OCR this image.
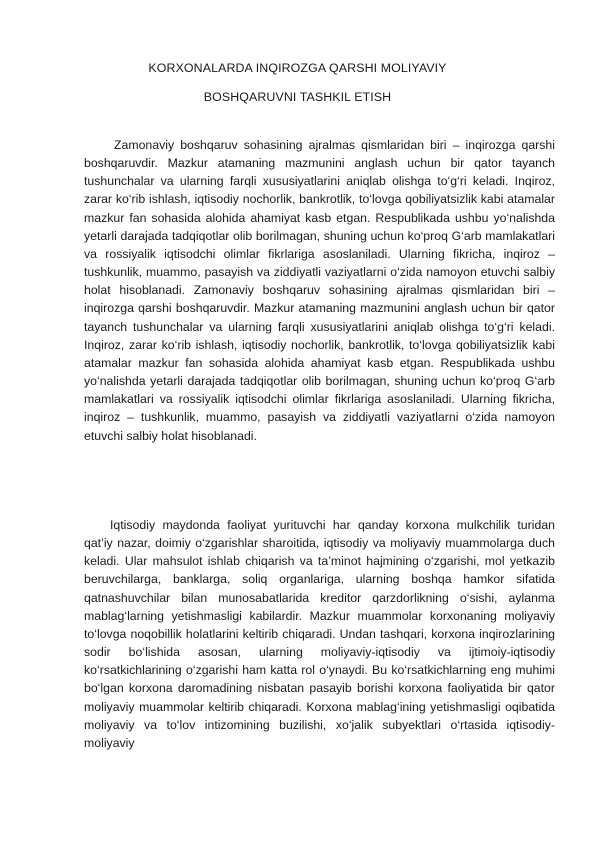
KORXONALARDA INQIROZGA QARSHI MOLIYAVIY
BOSHQARUVNI TASHKIL ETISH

Zamonaviy boshqaruv sohasining ajralmas qismlaridan biri – inqirozga qarshi boshqaruvdir. Mazkur atamaning mazmunini anglash uchun bir qator tayanch tushunchalar va ularning farqli xususiyatlarini aniqlab olishga to‘g‘ri keladi. Inqiroz, zarar ko‘rib ishlash, iqtisodiy nochorlik, bankrotlik, to‘lovga qobiliyatsizlik kabi atamalar mazkur fan sohasida alohida ahamiyat kasb etgan. Respublikada ushbu yo‘nalishda yetarli darajada tadqiqotlar olib borilmagan, shuning uchun ko‘proq G‘arb mamlakatlari va rossiyalik iqtisodchi olimlar fikrlariga asoslaniladi. Ularning fikricha, inqiroz – tushkunlik, muammo, pasayish va ziddiyatli vaziyatlarni o‘zida namoyon etuvchi salbiy holat hisoblanadi. Zamonaviy boshqaruv sohasining ajralmas qismlaridan biri – inqirozga qarshi boshqaruvdir. Mazkur atamaning mazmunini anglash uchun bir qator tayanch tushunchalar va ularning farqli xususiyatlarini aniqlab olishga to‘g‘ri keladi. Inqiroz, zarar ko‘rib ishlash, iqtisodiy nochorlik, bankrotlik, to‘lovga qobiliyatsizlik kabi atamalar mazkur fan sohasida alohida ahamiyat kasb etgan. Respublikada ushbu yo‘nalishda yetarli darajada tadqiqotlar olib borilmagan, shuning uchun ko‘proq G‘arb mamlakatlari va rossiyalik iqtisodchi olimlar fikrlariga asoslaniladi. Ularning fikricha, inqiroz – tushkunlik, muammo, pasayish va ziddiyatli vaziyatlarni o‘zida namoyon etuvchi salbiy holat hisoblanadi.

Iqtisodiy maydonda faoliyat yurituvchi har qanday korxona mulkchilik turidan qat’iy nazar, doimiy o‘zgarishlar sharoitida, iqtisodiy va moliyaviy muammolarga duch keladi. Ular mahsulot ishlab chiqarish va ta’minot hajmining o‘zgarishi, mol yetkazib beruvchilarga, banklarga, soliq organlariga, ularning boshqa hamkor sifatida qatnashuvchilar bilan munosabatlarida kreditor qarzdorlikning o‘sishi, aylanma mablag‘larning yetishmasligi kabilardir. Mazkur muammolar korxonaning moliyaviy to‘lovga noqobillik holatlarini keltirib chiqaradi. Undan tashqari, korxona inqirozlarining sodir bo‘lishida asosan, ularning moliyaviy-iqtisodiy va ijtimoiy-iqtisodiy ko‘rsatkichlarining o‘zgarishi ham katta rol o‘ynaydi. Bu ko‘rsatkichlarning eng muhimi bo‘lgan korxona daromadining nisbatan pasayib borishi korxona faoliyatida bir qator moliyaviy muammolar keltirib chiqaradi. Korxona mablag‘ining yetishmasligi oqibatida moliyaviy va to‘lov intizomining buzilishi, xo‘jalik subyektlari o‘rtasida iqtisodiy-moliyaviy
